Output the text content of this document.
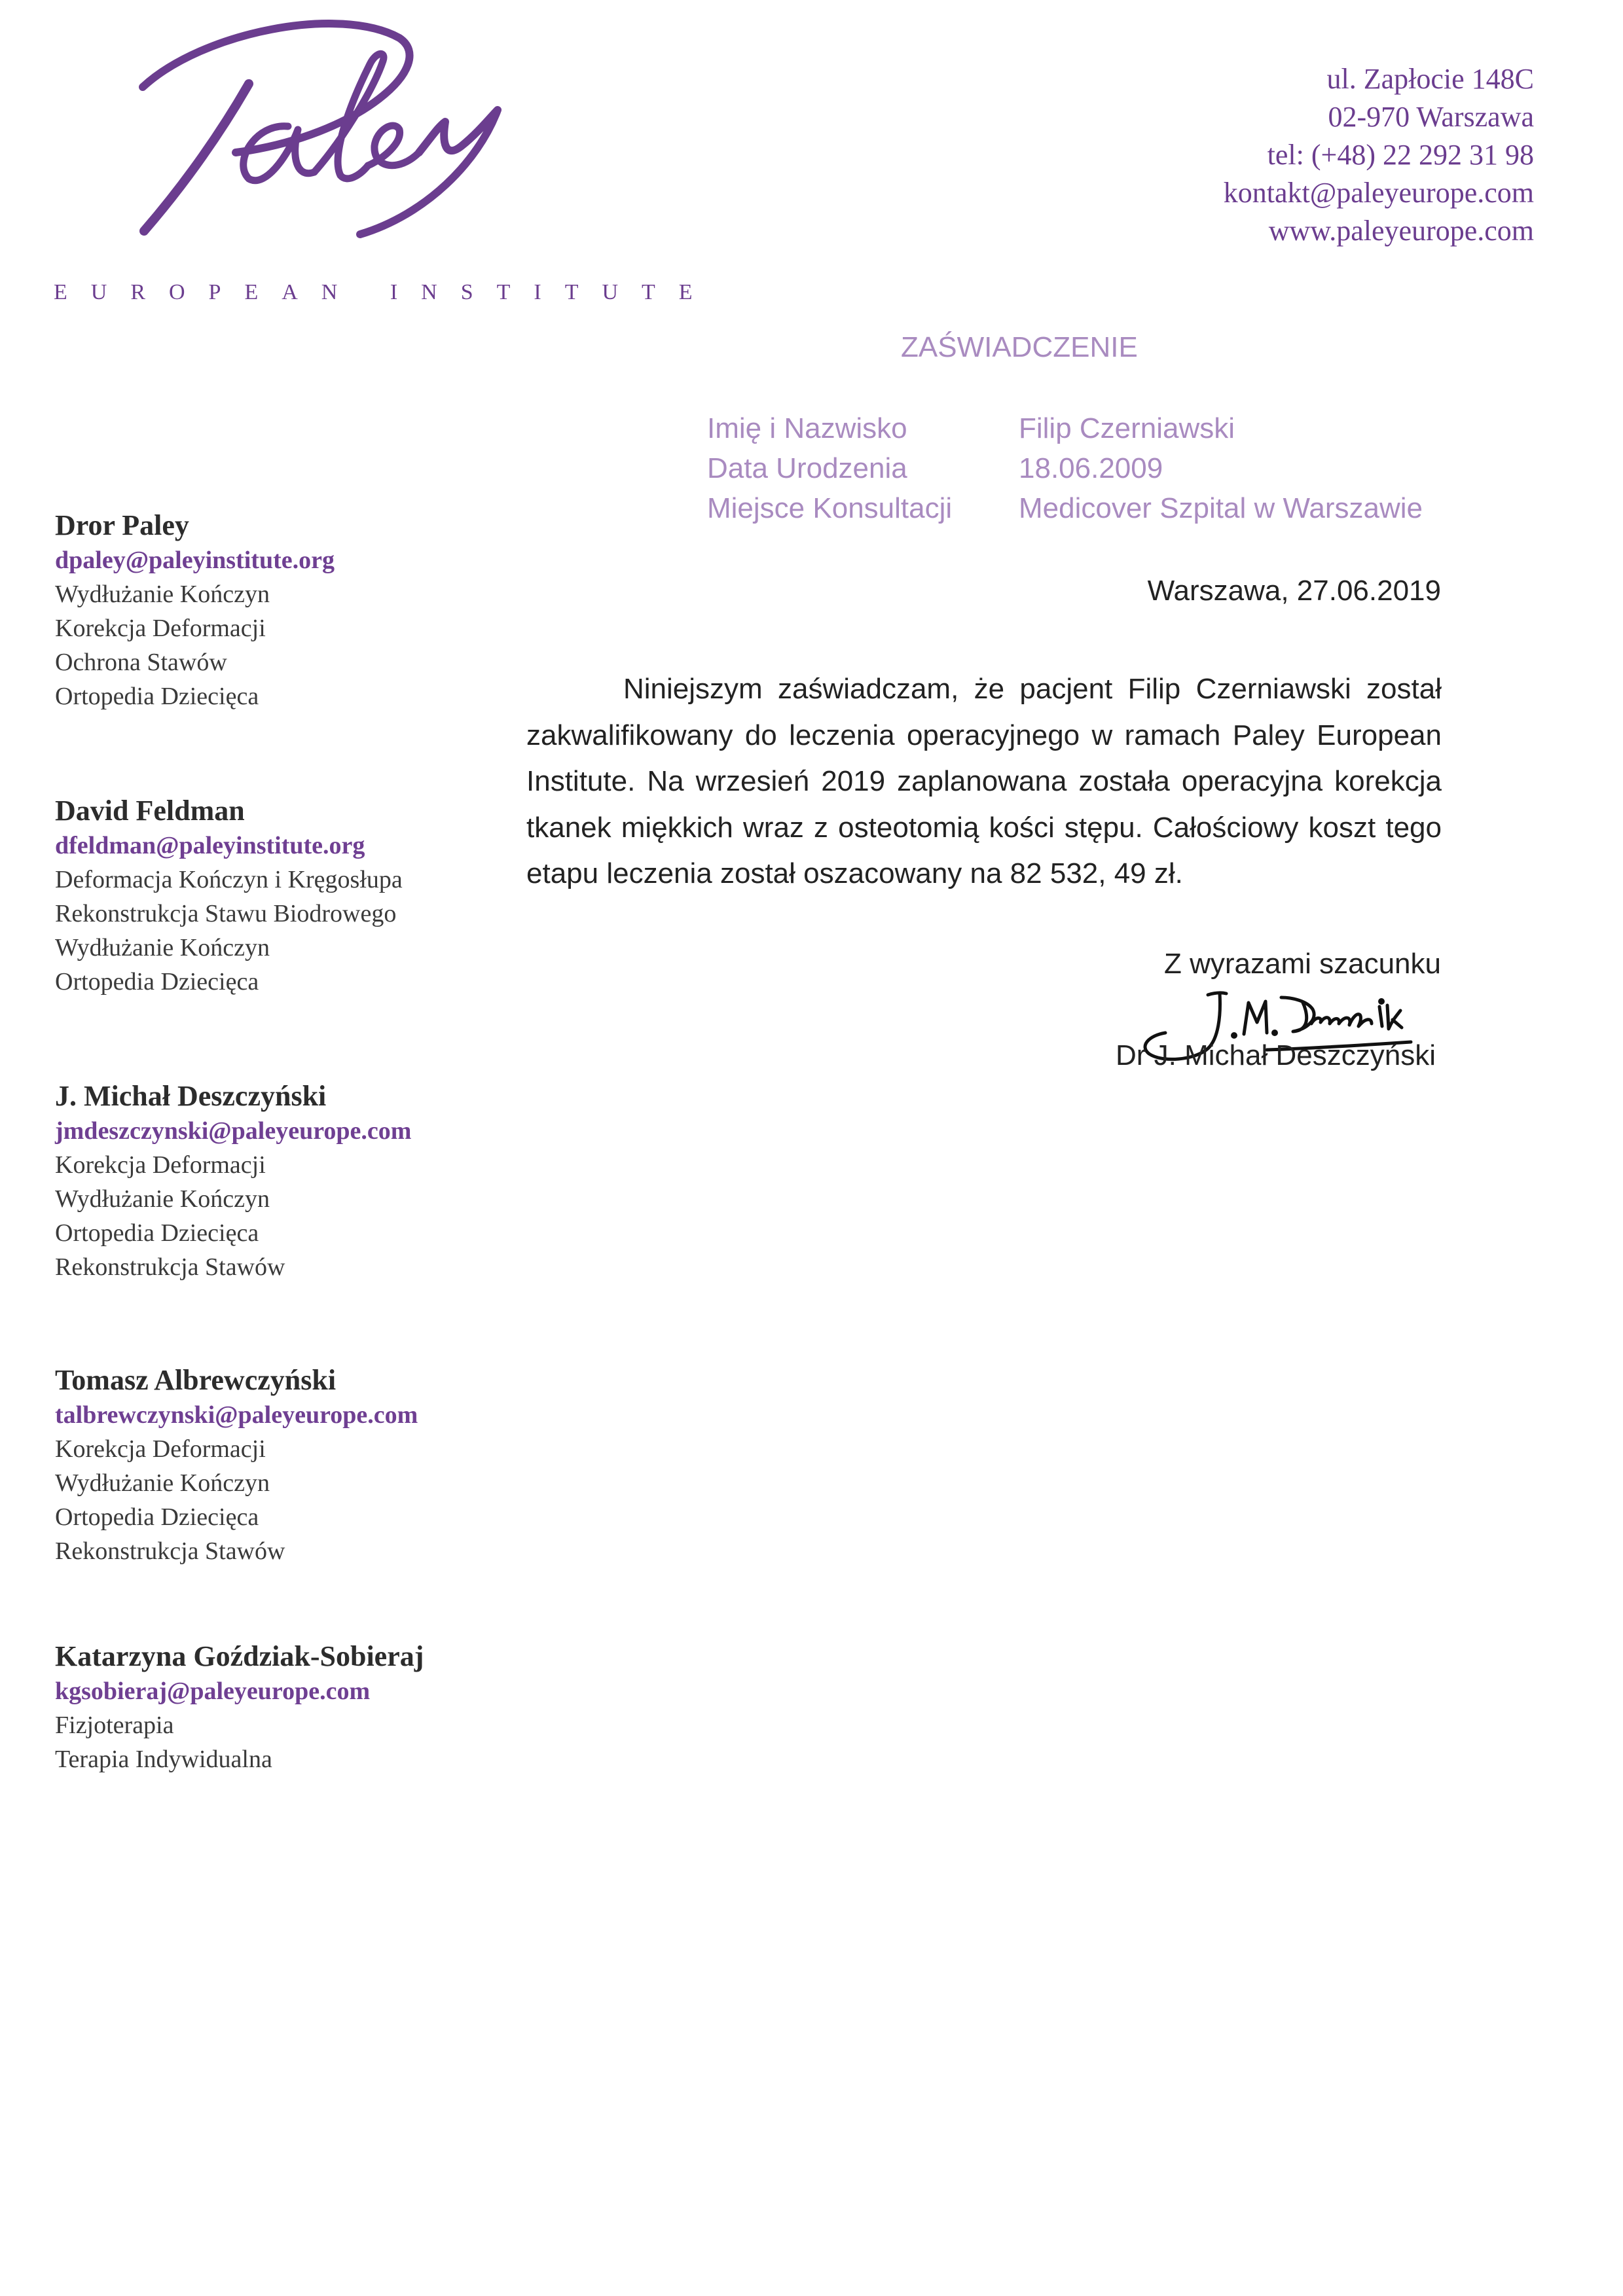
Paley
EUROPEAN INSTITUTE
ul. Zapłocie 148C
02-970 Warszawa
tel: (+48) 22 292 31 98
kontakt@paleyeurope.com
www.paleyeurope.com
Dror Paley
dpaley@paleyinstitute.org
Wydłużanie Kończyn
Korekcja Deformacji
Ochrona Stawów
Ortopedia Dziecięca
David Feldman
dfeldman@paleyinstitute.org
Deformacja Kończyn i Kręgosłupa
Rekonstrukcja Stawu Biodrowego
Wydłużanie Kończyn
Ortopedia Dziecięca
J. Michał Deszczyński
jmdeszczynski@paleyeurope.com
Korekcja Deformacji
Wydłużanie Kończyn
Ortopedia Dziecięca
Rekonstrukcja Stawów
Tomasz Albrewczyński
talbrewczynski@paleyeurope.com
Korekcja Deformacji
Wydłużanie Kończyn
Ortopedia Dziecięca
Rekonstrukcja Stawów
Katarzyna Goździak-Sobieraj
kgsobieraj@paleyeurope.com
Fizjoterapia
Terapia Indywidualna
ZAŚWIADCZENIE
Imię i Nazwisko	Filip Czerniawski
Data Urodzenia	18.06.2009
Miejsce Konsultacji Medicover Szpital w Warszawie
Warszawa, 27.06.2019
Niniejszym zaświadczam, że pacjent Filip Czerniawski został zakwalifikowany do leczenia operacyjnego w ramach Paley European Institute. Na wrzesień 2019 zaplanowana została operacyjna korekcja tkanek miękkich wraz z osteotomią kości stępu. Całościowy koszt tego etapu leczenia został oszacowany na 82 532, 49 zł.
Z wyrazami szacunku
J.M. Deszczyński
Dr J. Michał Deszczyński
